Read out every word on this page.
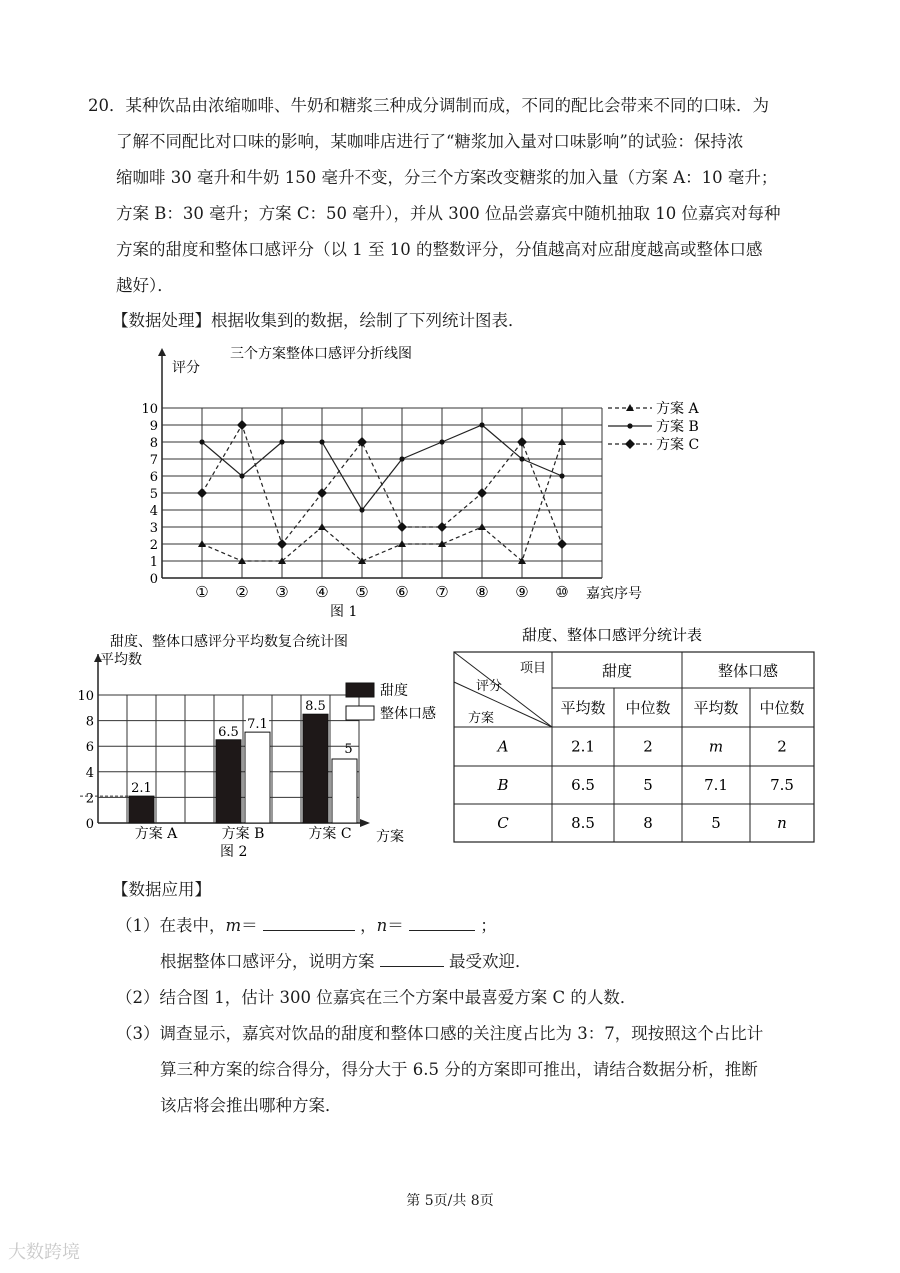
20．某种饮品由浓缩咖啡、牛奶和糖浆三种成分调制而成，不同的配比会带来不同的口味．为
了解不同配比对口味的影响，某咖啡店进行了“糖浆加入量对口味影响”的试验：保持浓
缩咖啡 30 毫升和牛奶 150 毫升不变，分三个方案改变糖浆的加入量（方案 A：10 毫升；
方案 B：30 毫升；方案 C：50 毫升），并从 300 位品尝嘉宾中随机抽取 10 位嘉宾对每种
方案的甜度和整体口感评分（以 1 至 10 的整数评分，分值越高对应甜度越高或整体口感
越好）．
【数据处理】根据收集到的数据，绘制了下列统计图表．
三个方案整体口感评分折线图
评分
0
1
2
3
4
5
6
7
8
9
10
① ② ③ ④ ⑤ ⑥ ⑦ ⑧ ⑨ ⑩ 嘉宾序号
图 1
方案 A
方案 B
方案 C
甜度、整体口感评分平均数复合统计图
平均数
0
2
4
6
8
10
2.1
方案 A
6.5
7.1
方案 B
8.5
5
方案 C 方案
图 2
甜度
整体口感
甜度、整体口感评分统计表
项目
评分
方案
甜度	整体口感
平均数 中位数 平均数 中位数
A	2.1	2	m	2
B	6.5	5	7.1	7.5
C	8.5	8	5	n
【数据应用】
（1）在表中，m＝	，n＝	；
根据整体口感评分，说明方案	最受欢迎．
（2）结合图 1，估计 300 位嘉宾在三个方案中最喜爱方案 C 的人数．
（3）调查显示，嘉宾对饮品的甜度和整体口感的关注度占比为 3：7，现按照这个占比计
算三种方案的综合得分，得分大于 6.5 分的方案即可推出，请结合数据分析，推断
该店将会推出哪种方案．
第 5页/共 8页
大数跨境
